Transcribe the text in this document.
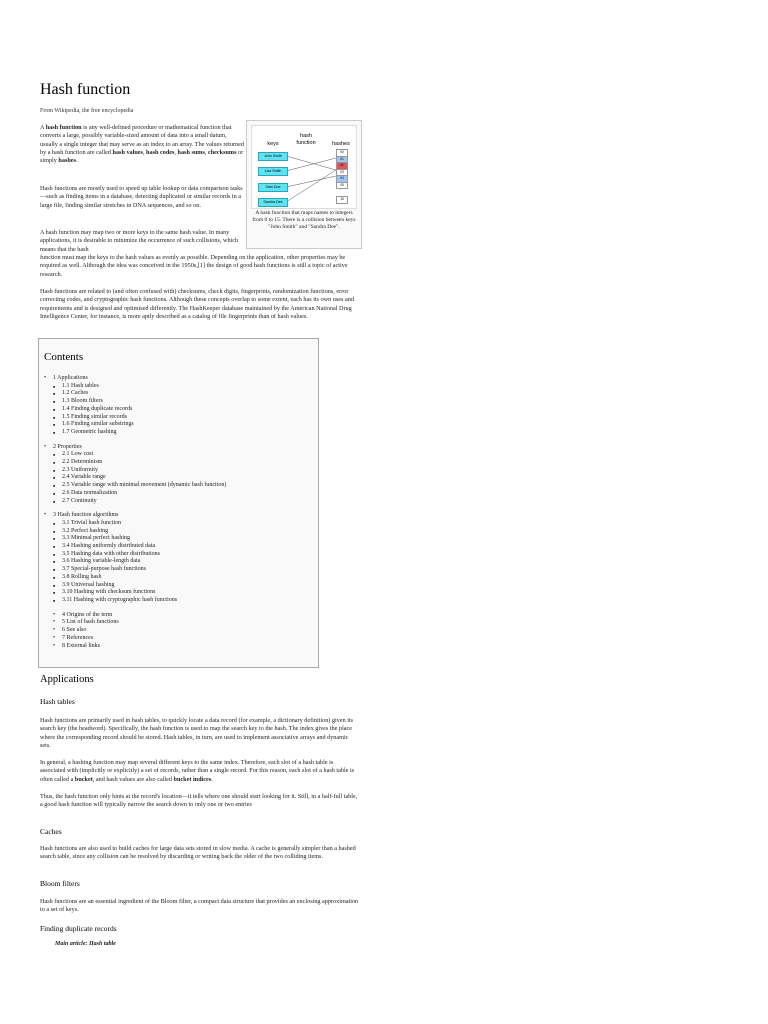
Hash function
From Wikipedia, the free encyclopedia

A hash function is any well-defined procedure or mathematical function that converts a large, possibly variable-sized amount of data into a small datum, usually a single integer that may serve as an index to an array. The values returned by a hash function are called hash values, hash codes, hash sums, checksums or simply hashes.

Hash functions are mostly used to speed up table lookup or data comparison tasks—such as finding items in a database, detecting duplicated or similar records in a large file, finding similar stretches in DNA sequences, and so on.

A hash function may map two or more keys to the same hash value. In many applications, it is desirable to minimize the occurrence of such collisions, which means that the hash

function must map the keys to the hash values as evenly as possible. Depending on the application, other properties may be required as well. Although the idea was conceived in the 1950s,[1] the design of good hash functions is still a topic of active research.

Hash functions are related to (and often confused with) checksums, check digits, fingerprints, randomization functions, error correcting codes, and cryptographic hash functions. Although these concepts overlap to some extent, each has its own uses and requirements and is designed and optimised differently. The HashKeeper database maintained by the American National Drug Intelligence Center, for instance, is more aptly described as a catalog of file fingerprints than of hash values.

keys
hash function	hashes
John Smith
Lisa Smith
Sam Doe
Sandra Dee
00
01
02
03
04
05
:
15
A hash function that maps names to integers from 0 to 15. There is a collision between keys "John Smith" and "Sandra Dee".
Contents
• 1 Applications
■ 1.1 Hash tables
■ 1.2 Caches
■ 1.3 Bloom filters
■ 1.4 Finding duplicate records
■ 1.5 Finding similar records
■ 1.6 Finding similar substrings
■ 1.7 Geometric hashing
• 2 Properties
■ 2.1 Low cost
■ 2.2 Determinism
■ 2.3 Uniformity
■ 2.4 Variable range
■ 2.5 Variable range with minimal movement (dynamic hash function)
■ 2.6 Data normalization
■ 2.7 Continuity
• 3 Hash function algorithms
■ 3.1 Trivial hash function
■ 3.2 Perfect hashing
■ 3.3 Minimal perfect hashing
■ 3.4 Hashing uniformly distributed data
■ 3.5 Hashing data with other distributions
■ 3.6 Hashing variable-length data
■ 3.7 Special-purpose hash functions
■ 3.8 Rolling hash
■ 3.9 Universal hashing
■ 3.10 Hashing with checksum functions
■ 3.11 Hashing with cryptographic hash functions
• 4 Origins of the term
• 5 List of hash functions
• 6 See also
• 7 References
• 8 External links
Applications
Hash tables

Hash functions are primarily used in hash tables, to quickly locate a data record (for example, a dictionary definition) given its search key (the headword). Specifically, the hash function is used to map the search key to the hash. The index gives the place where the corresponding record should be stored. Hash tables, in turn, are used to implement associative arrays and dynamic sets.

In general, a hashing function may map several different keys to the same index. Therefore, each slot of a hash table is associated with (implicitly or explicitly) a set of records, rather than a single record. For this reason, each slot of a hash table is often called a bucket, and hash values are also called bucket indices.

Thus, the hash function only hints at the record's location—it tells where one should start looking for it. Still, in a half-full table, a good hash function will typically narrow the search down to only one or two entries

Caches

Hash functions are also used to build caches for large data sets stored in slow media. A cache is generally simpler than a hashed search table, since any collision can be resolved by discarding or writing back the older of the two colliding items.

Bloom filters

Hash functions are an essential ingredient of the Bloom filter, a compact data structure that provides an enclosing approximation to a set of keys.

Finding duplicate records
Main article: Hash table
